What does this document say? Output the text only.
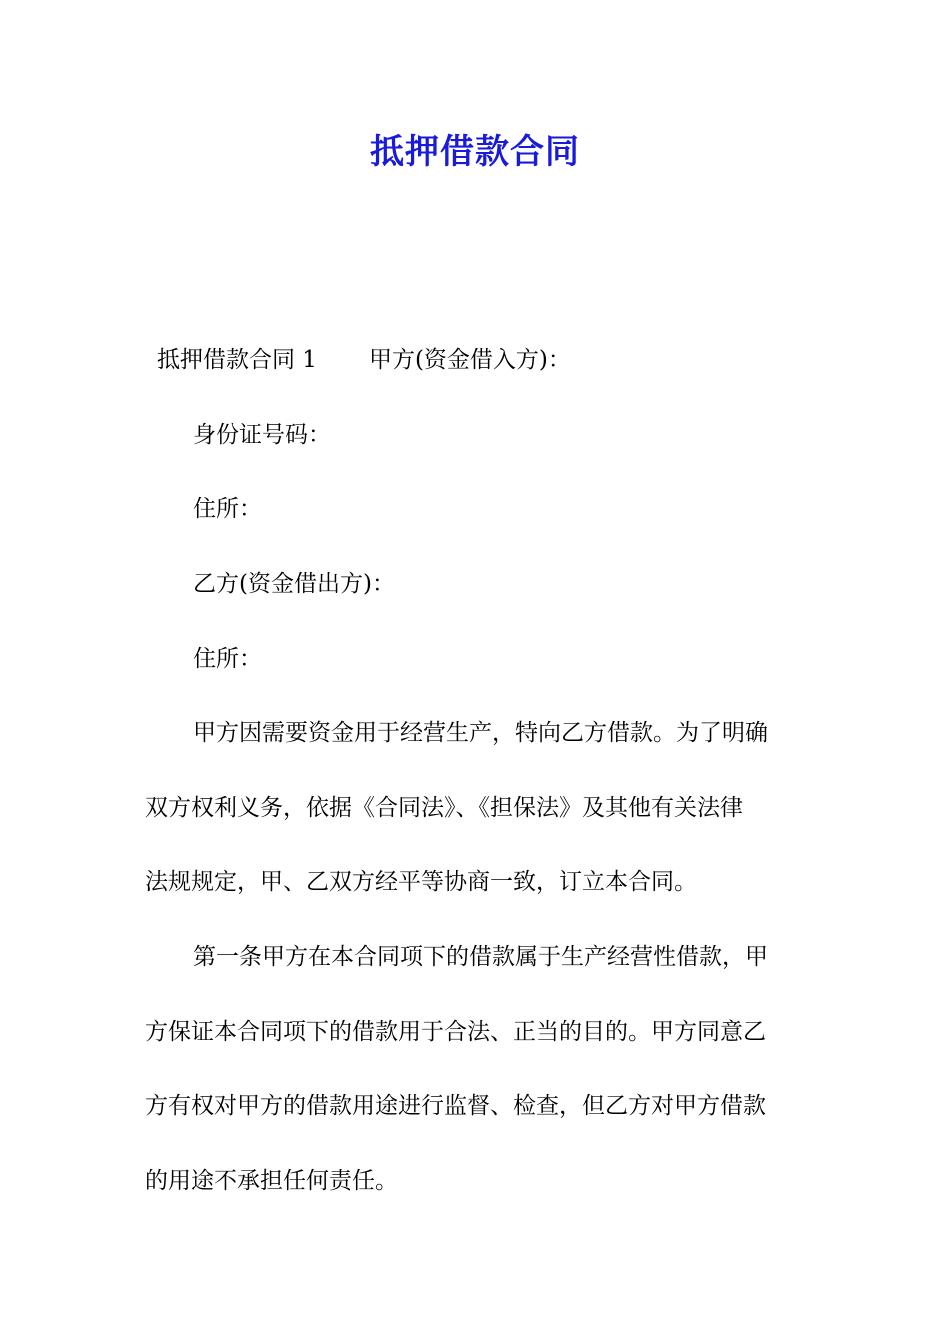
抵押借款合同
抵押借款合同 1 甲方(资金借入方)：
身份证号码：
住所：
乙方(资金借出方)：
住所：
甲方因需要资金用于经营生产，特向乙方借款。为了明确
双方权利义务，依据《合同法》、《担保法》及其他有关法律
法规规定，甲、乙双方经平等协商一致，订立本合同。
第一条甲方在本合同项下的借款属于生产经营性借款，甲
方保证本合同项下的借款用于合法、正当的目的。甲方同意乙
方有权对甲方的借款用途进行监督、检查，但乙方对甲方借款
的用途不承担任何责任。
